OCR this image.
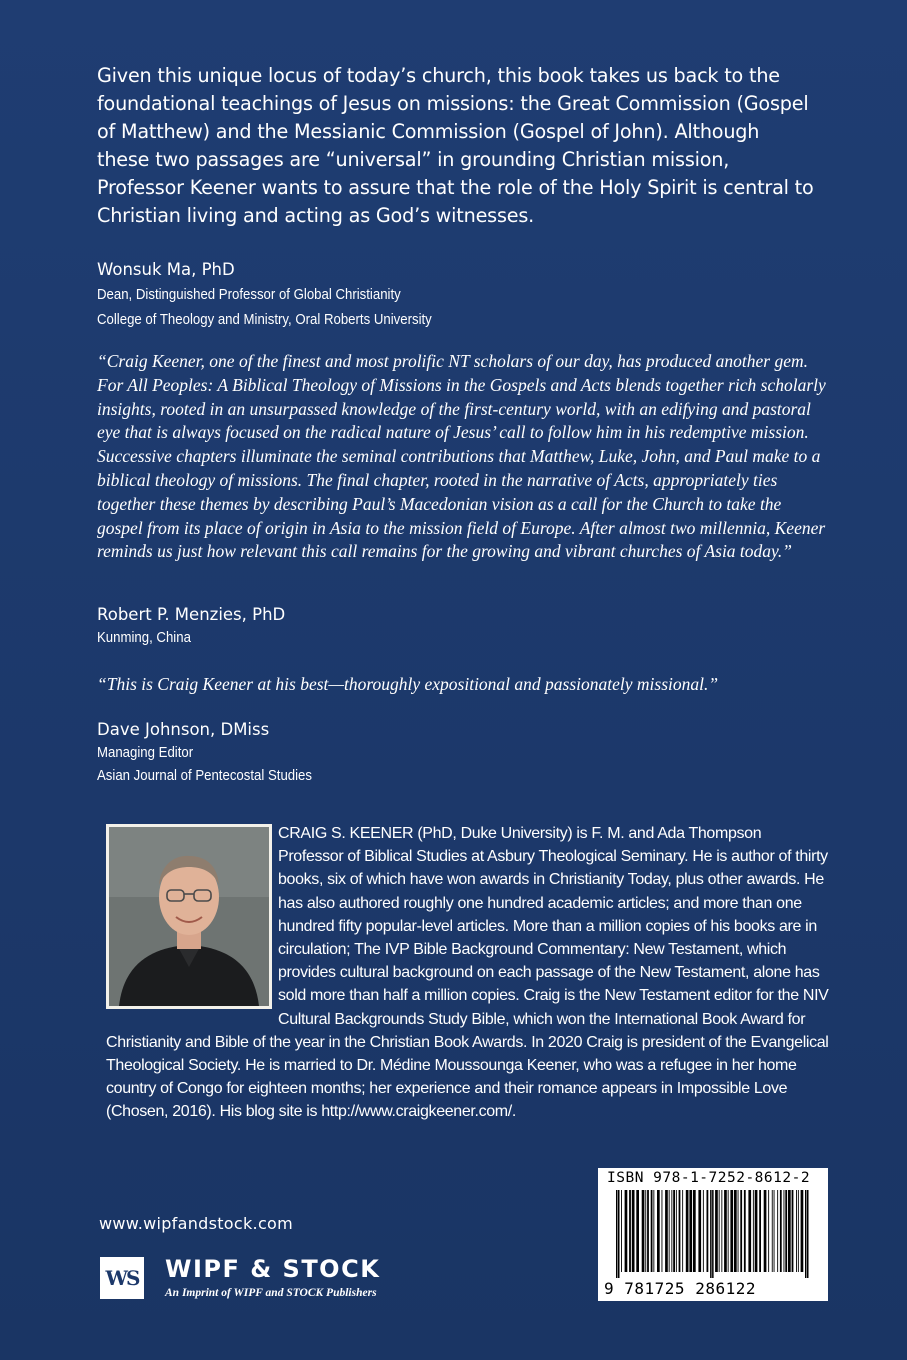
Given this unique locus of today’s church, this book takes us back to the foundational teachings of Jesus on missions: the Great Commission (Gospel of Matthew) and the Messianic Commission (Gospel of John). Although these two passages are “universal” in grounding Christian mission, Professor Keener wants to assure that the role of the Holy Spirit is central to Christian living and acting as God’s witnesses.

Wonsuk Ma, PhD

Dean, Distinguished Professor of Global Christianity

College of Theology and Ministry, Oral Roberts University

“Craig Keener, one of the finest and most prolific NT scholars of our day, has produced another gem. For All Peoples: A Biblical Theology of Missions in the Gospels and Acts blends together rich scholarly insights, rooted in an unsurpassed knowledge of the first-century world, with an edifying and pastoral eye that is always focused on the radical nature of Jesus’ call to follow him in his redemptive mission. Successive chapters illuminate the seminal contributions that Matthew, Luke, John, and Paul make to a biblical theology of missions. The final chapter, rooted in the narrative of Acts, appropriately ties together these themes by describing Paul’s Macedonian vision as a call for the Church to take the gospel from its place of origin in Asia to the mission field of Europe. After almost two millennia, Keener reminds us just how relevant this call remains for the growing and vibrant churches of Asia today.”

Robert P. Menzies, PhD

Kunming, China

“This is Craig Keener at his best—thoroughly expositional and passionately missional.”

Dave Johnson, DMiss

Managing Editor

Asian Journal of Pentecostal Studies

CRAIG S. KEENER (PhD, Duke University) is F. M. and Ada Thompson Professor of Biblical Studies at Asbury Theological Seminary. He is author of thirty books, six of which have won awards in Christianity Today, plus other awards. He has also authored roughly one hundred academic articles; and more than one hundred fifty popular-level articles. More than a million copies of his books are in circulation; The IVP Bible Background Commentary: New Testament, which provides cultural background on each passage of the New Testament, alone has sold more than half a million copies. Craig is the New Testament editor for the NIV Cultural Backgrounds Study Bible, which won the International Book Award for Christianity and Bible of the year in the Christian Book Awards. In 2020 Craig is president of the Evangelical Theological Society. He is married to Dr. Médine Moussounga Keener, who was a refugee in her home country of Congo for eighteen months; her experience and their romance appears in Impossible Love (Chosen, 2016). His blog site is http://www.craigkeener.com/.

www.wipfandstock.com

WS WIPF & STOCK

An Imprint of WIPF and STOCK Publishers

ISBN 978-1-7252-8612-2

9 781725 286122
